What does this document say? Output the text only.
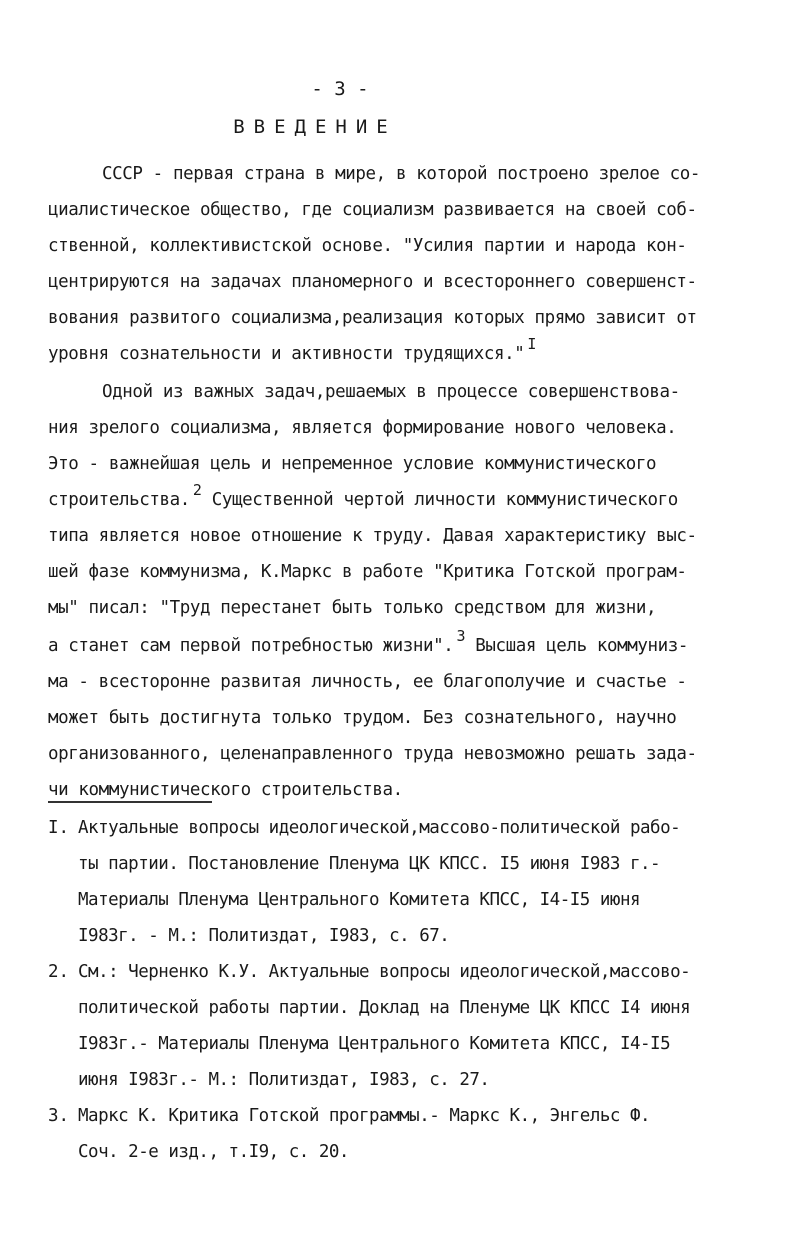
- 3 -
ВВЕДЕНИЕ
СССР - первая страна в мире, в которой построено зрелое со-
циалистическое общество, где социализм развивается на своей соб-
ственной, коллективистской основе. "Усилия партии и народа кон-
центрируются на задачах планомерного и всестороннего совершенст-
вования развитого социализма,реализация которых прямо зависит от
уровня сознательности и активности трудящихся." I
Одной из важных задач,решаемых в процессе совершенствова-
ния зрелого социализма, является формирование нового человека.
Это - важнейшая цель и непременное условие коммунистического
строительства. 2 Существенной чертой личности коммунистического
типа является новое отношение к труду. Давая характеристику выс-
шей фазе коммунизма, К.Маркс в работе "Критика Готской програм-
мы" писал: "Труд перестанет быть только средством для жизни,
а станет сам первой потребностью жизни". 3 Высшая цель коммуниз-
ма - всесторонне развитая личность, ее благополучие и счастье -
может быть достигнута только трудом. Без сознательного, научно
организованного, целенаправленного труда невозможно решать зада-
чи коммунистического строительства.
I. Актуальные вопросы идеологической,массово-политической рабо-
ты партии. Постановление Пленума ЦК КПСС. I5 июня I983 г.-
Материалы Пленума Центрального Комитета КПСС, I4-I5 июня
I983г. - М.: Политиздат, I983, с. 67.
2. См.: Черненко К.У. Актуальные вопросы идеологической,массово-
политической работы партии. Доклад на Пленуме ЦК КПСС I4 июня
I983г.- Материалы Пленума Центрального Комитета КПСС, I4-I5
июня I983г.- М.: Политиздат, I983, с. 27.
3. Маркс К. Критика Готской программы.- Маркс К., Энгельс Ф.
Соч. 2-е изд., т.I9, с. 20.
